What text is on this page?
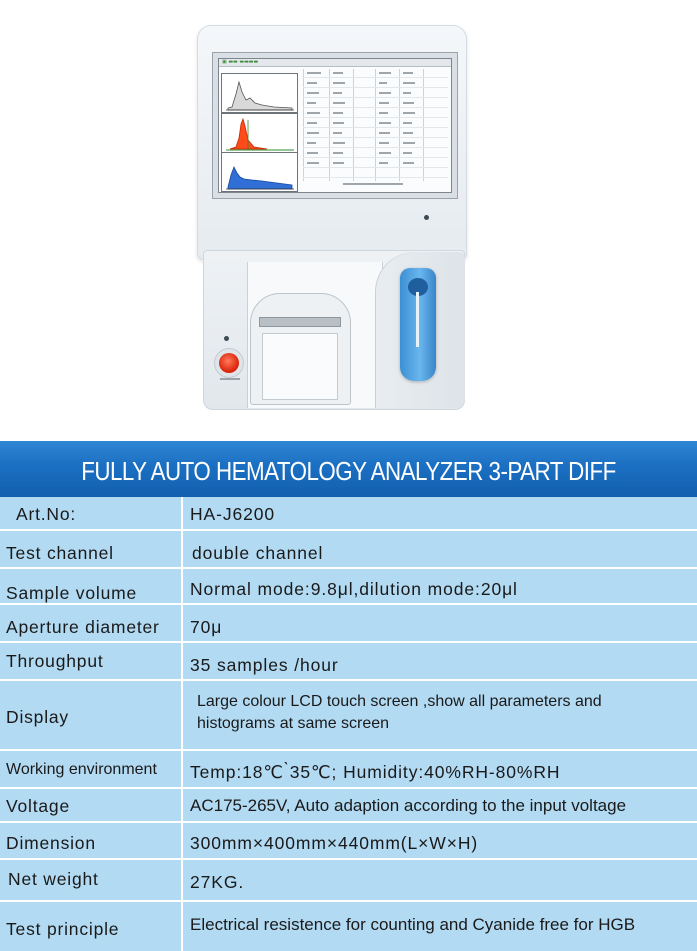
▣ ▬▬ ▬▬▬▬
FULLY AUTO HEMATOLOGY ANALYZER 3-PART DIFF
Art.No:	HA-J6200
Test channel	double channel
Sample volume	Normal mode:9.8μl,dilution mode:20μl
Aperture diameter 70μ
Throughput	35 samples /hour
Display
Large colour LCD touch screen ,show all parameters and histograms at same screen
Working environment Temp:18℃ ̀35℃; Humidity:40%RH-80%RH
Voltage	AC175-265V, Auto adaption according to the input voltage
Dimension	300mm×400mm×440mm(L×W×H)
Net weight	27KG.
Test principle	Electrical resistence for counting and Cyanide free for HGB
